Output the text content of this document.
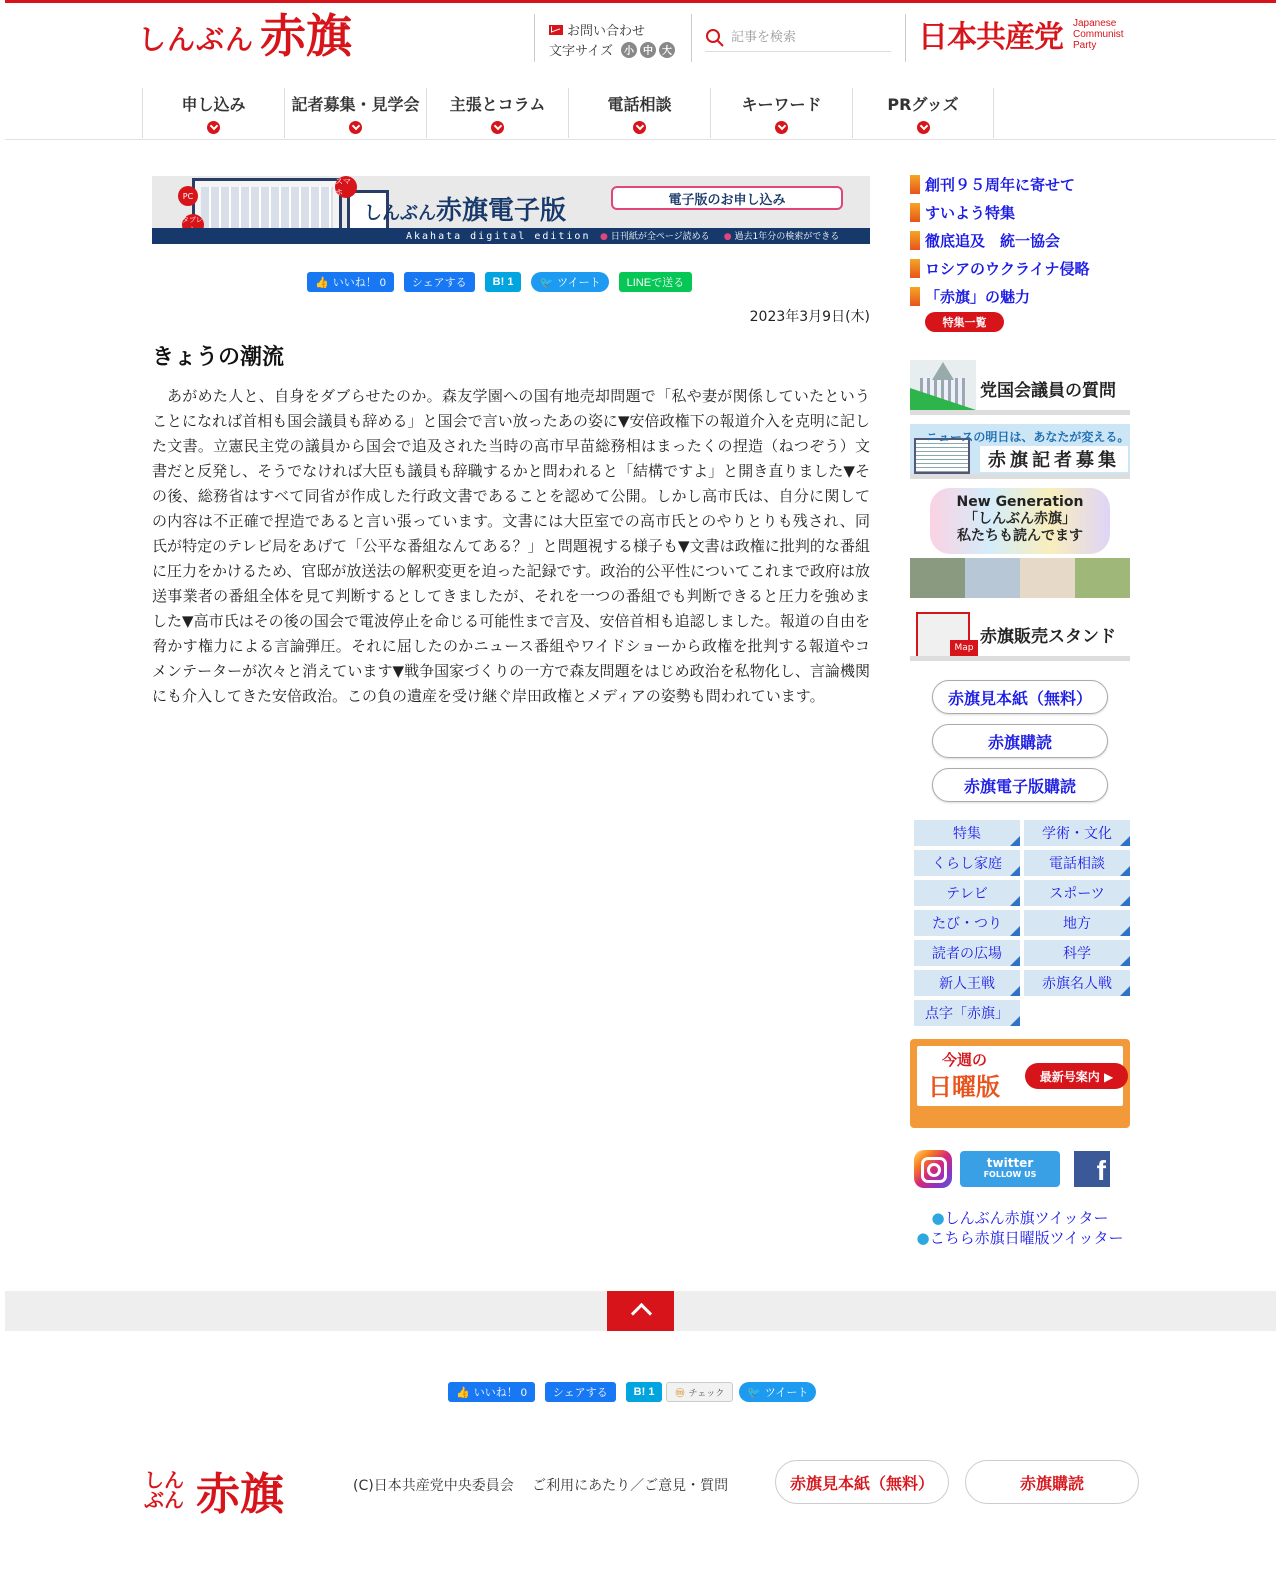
しんぶん 赤旗	お問い合わせ
文字サイズ	小 中 大
記事を検索	日本共産党 Japanese
Communist
Party
申し込み	記者募集・見学会 主張とコラム	電話相談	キーワード	PRグッズ
PC
タブレ
スマホ
しんぶん赤旗電子版
Akahata digital edition
電子版のお申し込み
● 日刊紙が全ページ読める
●	過去1年分の検索ができる
👍 いいね！ 0	シェアする	B! 1	🐦 ツイート	LINEで送る
2023年3月9日(木)
きょうの潮流

あがめた人と、自身をダブらせたのか。森友学園への国有地売却問題で「私や妻が関係していたということになれば首相も国会議員も辞める」と国会で言い放ったあの姿に▼安倍政権下の報道介入を克明に記した文書。立憲民主党の議員から国会で追及された当時の高市早苗総務相はまったくの捏造（ねつぞう）文書だと反発し、そうでなければ大臣も議員も辞職するかと問われると「結構ですよ」と開き直りました▼その後、総務省はすべて同省が作成した行政文書であることを認めて公開。しかし高市氏は、自分に関しての内容は不正確で捏造であると言い張っています。文書には大臣室での高市氏とのやりとりも残され、同氏が特定のテレビ局をあげて「公平な番組なんてある？」と問題視する様子も▼文書は政権に批判的な番組に圧力をかけるため、官邸が放送法の解釈変更を迫った記録です。政治的公平性についてこれまで政府は放送事業者の番組全体を見て判断するとしてきましたが、それを一つの番組でも判断できると圧力を強めました▼高市氏はその後の国会で電波停止を命じる可能性まで言及、安倍首相も追認しました。報道の自由を脅かす権力による言論弾圧。それに屈したのかニュース番組やワイドショーから政権を批判する報道やコメンテーターが次々と消えています▼戦争国家づくりの一方で森友問題をはじめ政治を私物化し、言論機関にも介入してきた安倍政治。この負の遺産を受け継ぐ岸田政権とメディアの姿勢も問われています。

創刊９５周年に寄せて
すいよう特集
徹底追及　統一協会
ロシアのウクライナ侵略
「赤旗」の魅力
特集一覧
党国会議員の質問
ニュースの明日は、あなたが変える。
赤旗記者募集
New Generation
「しんぶん赤旗」
私たちも読んでます
Map
赤旗販売スタンド
赤旗見本紙（無料）
赤旗購読
赤旗電子版購読
特集	学術・文化
くらし家庭	電話相談
テレビ	スポーツ
たび・つり	地方
読者の広場	科学
新人王戦	赤旗名人戦
点字「赤旗」
今週の
日曜版	最新号案内 ▶
twitter
FOLLOW US	f
● しんぶん赤旗ツイッター
● こちら赤旗日曜版ツイッター
👍 いいね！ 0	シェアする	B! 1	ⓜ チェック 🐦 ツイート
しんぶん 赤旗	(C)日本共産党中央委員会　 ご利用にあたり／ご意見・質問	赤旗見本紙（無料）	赤旗購読
